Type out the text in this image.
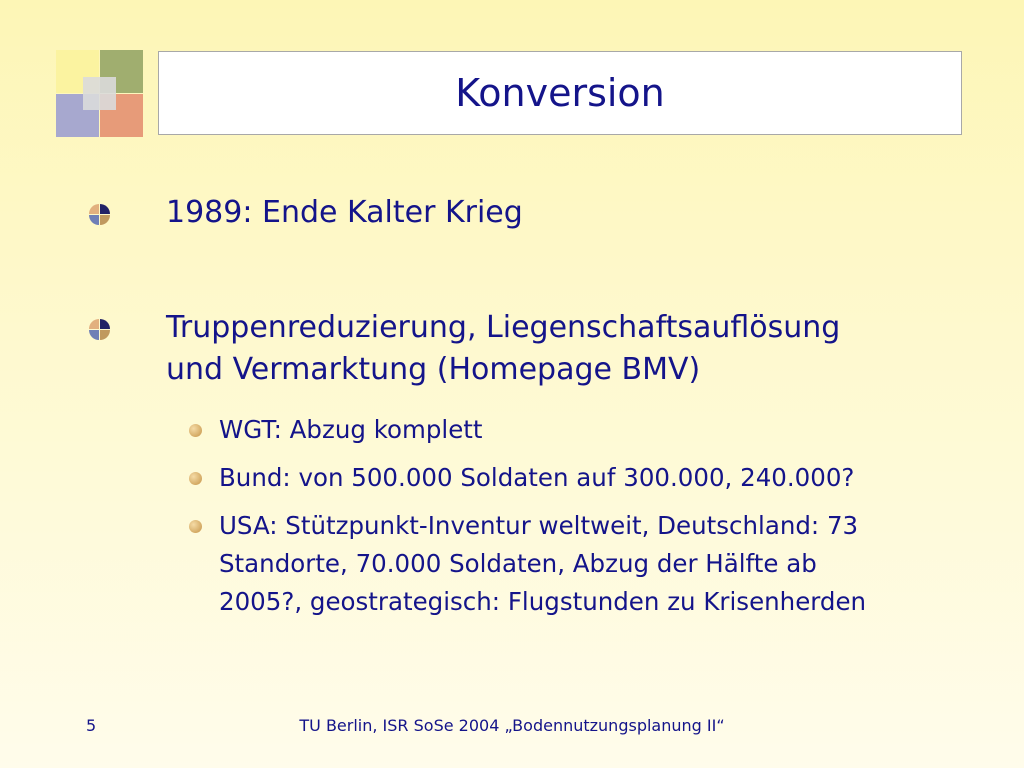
Konversion
1989: Ende Kalter Krieg
Truppenreduzierung, Liegenschaftsauflösung
und Vermarktung (Homepage BMV)
WGT: Abzug komplett
Bund: von 500.000 Soldaten auf 300.000, 240.000?
USA: Stützpunkt-Inventur weltweit, Deutschland: 73
Standorte, 70.000 Soldaten, Abzug der Hälfte ab
2005?, geostrategisch: Flugstunden zu Krisenherden
5	TU Berlin, ISR SoSe 2004 „Bodennutzungsplanung II“
